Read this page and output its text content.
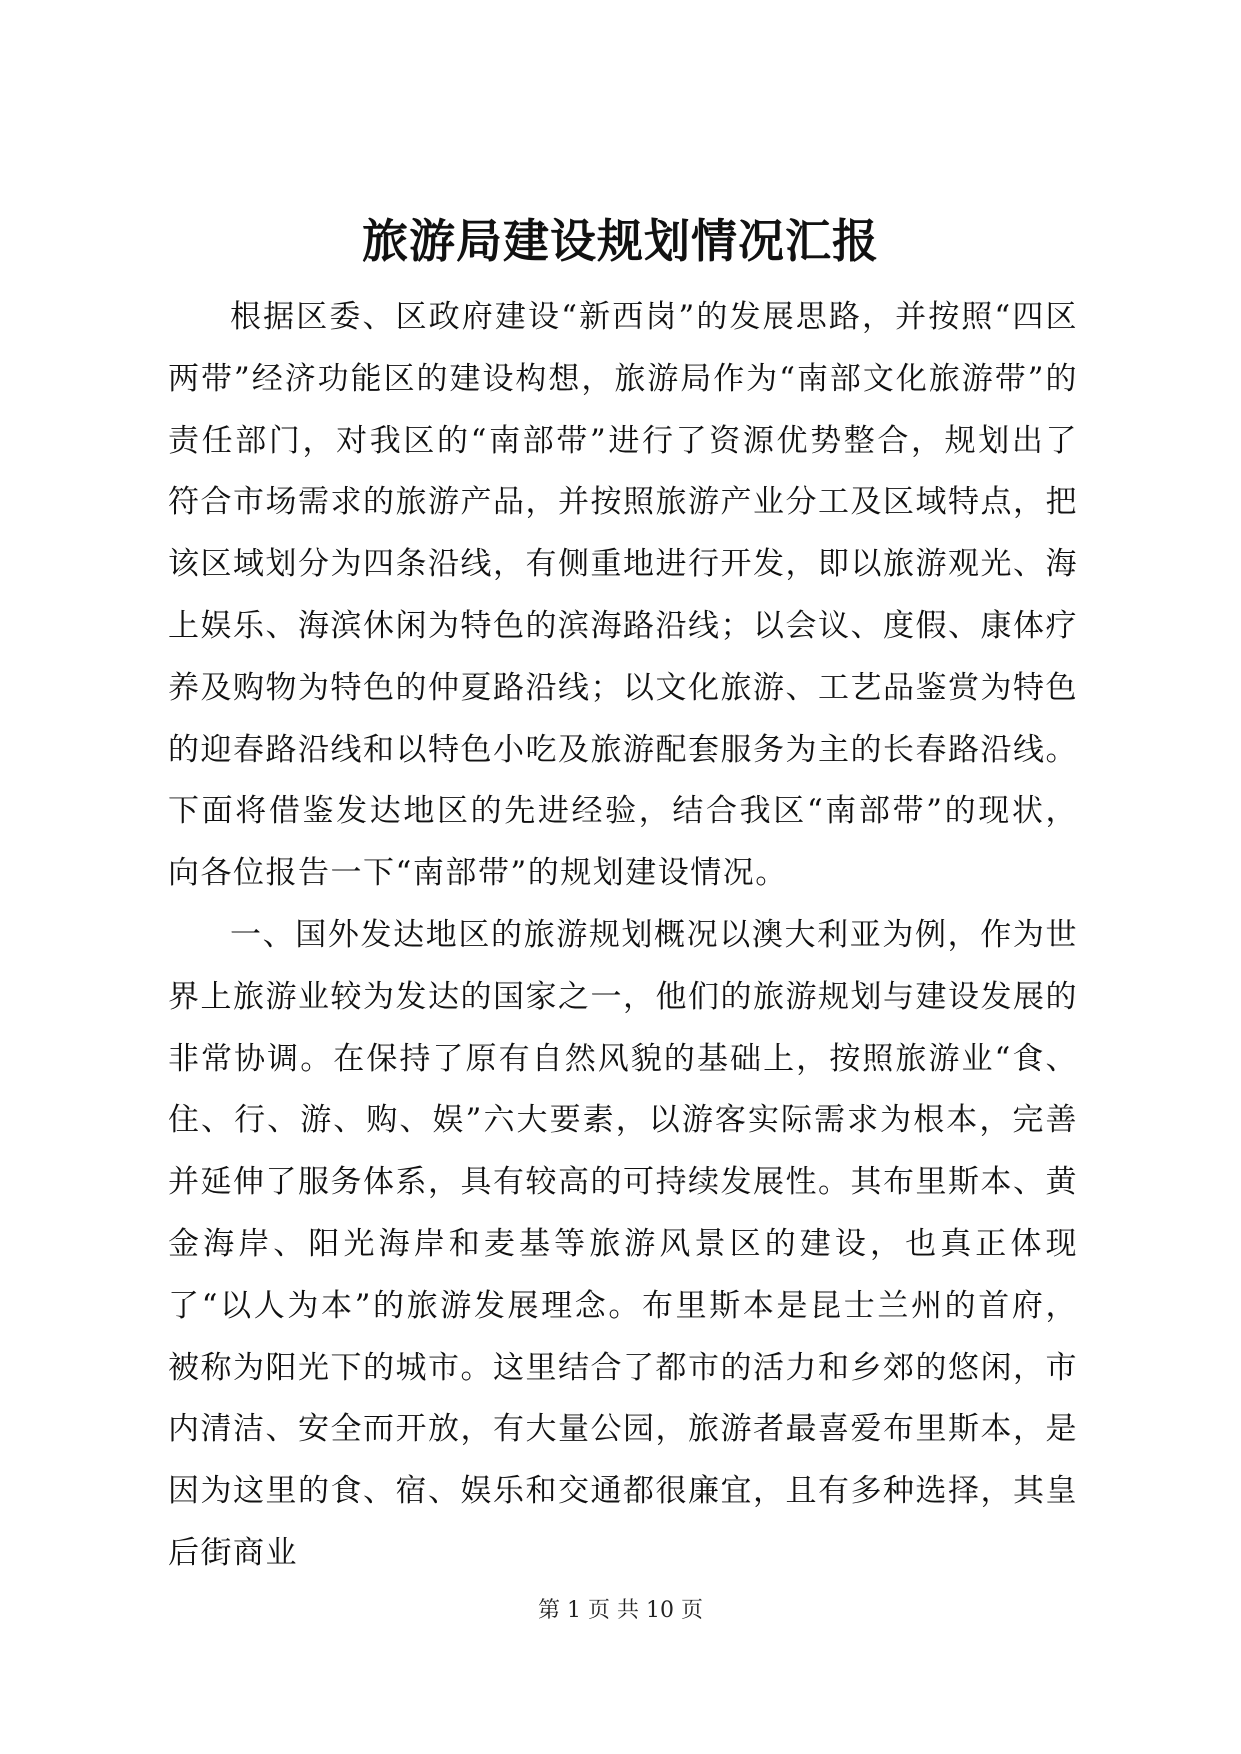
旅游局建设规划情况汇报

根据区委、区政府建设“新西岗”的发展思路，并按照“四区两带”经济功能区的建设构想，旅游局作为“南部文化旅游带”的责任部门，对我区的“南部带”进行了资源优势整合，规划出了符合市场需求的旅游产品，并按照旅游产业分工及区域特点，把该区域划分为四条沿线，有侧重地进行开发，即以旅游观光、海上娱乐、海滨休闲为特色的滨海路沿线；以会议、度假、康体疗养及购物为特色的仲夏路沿线；以文化旅游、工艺品鉴赏为特色的迎春路沿线和以特色小吃及旅游配套服务为主的长春路沿线。下面将借鉴发达地区的先进经验，结合我区“南部带”的现状，向各位报告一下“南部带”的规划建设情况。

一、国外发达地区的旅游规划概况以澳大利亚为例，作为世界上旅游业较为发达的国家之一，他们的旅游规划与建设发展的非常协调。在保持了原有自然风貌的基础上，按照旅游业“食、住、行、游、购、娱”六大要素，以游客实际需求为根本，完善并延伸了服务体系，具有较高的可持续发展性。其布里斯本、黄金海岸、阳光海岸和麦基等旅游风景区的建设，也真正体现了“以人为本”的旅游发展理念。布里斯本是昆士兰州的首府，被称为阳光下的城市。这里结合了都市的活力和乡郊的悠闲，市内清洁、安全而开放，有大量公园，旅游者最喜爱布里斯本，是因为这里的食、宿、娱乐和交通都很廉宜，且有多种选择，其皇后街商业

第 1 页 共 10 页
